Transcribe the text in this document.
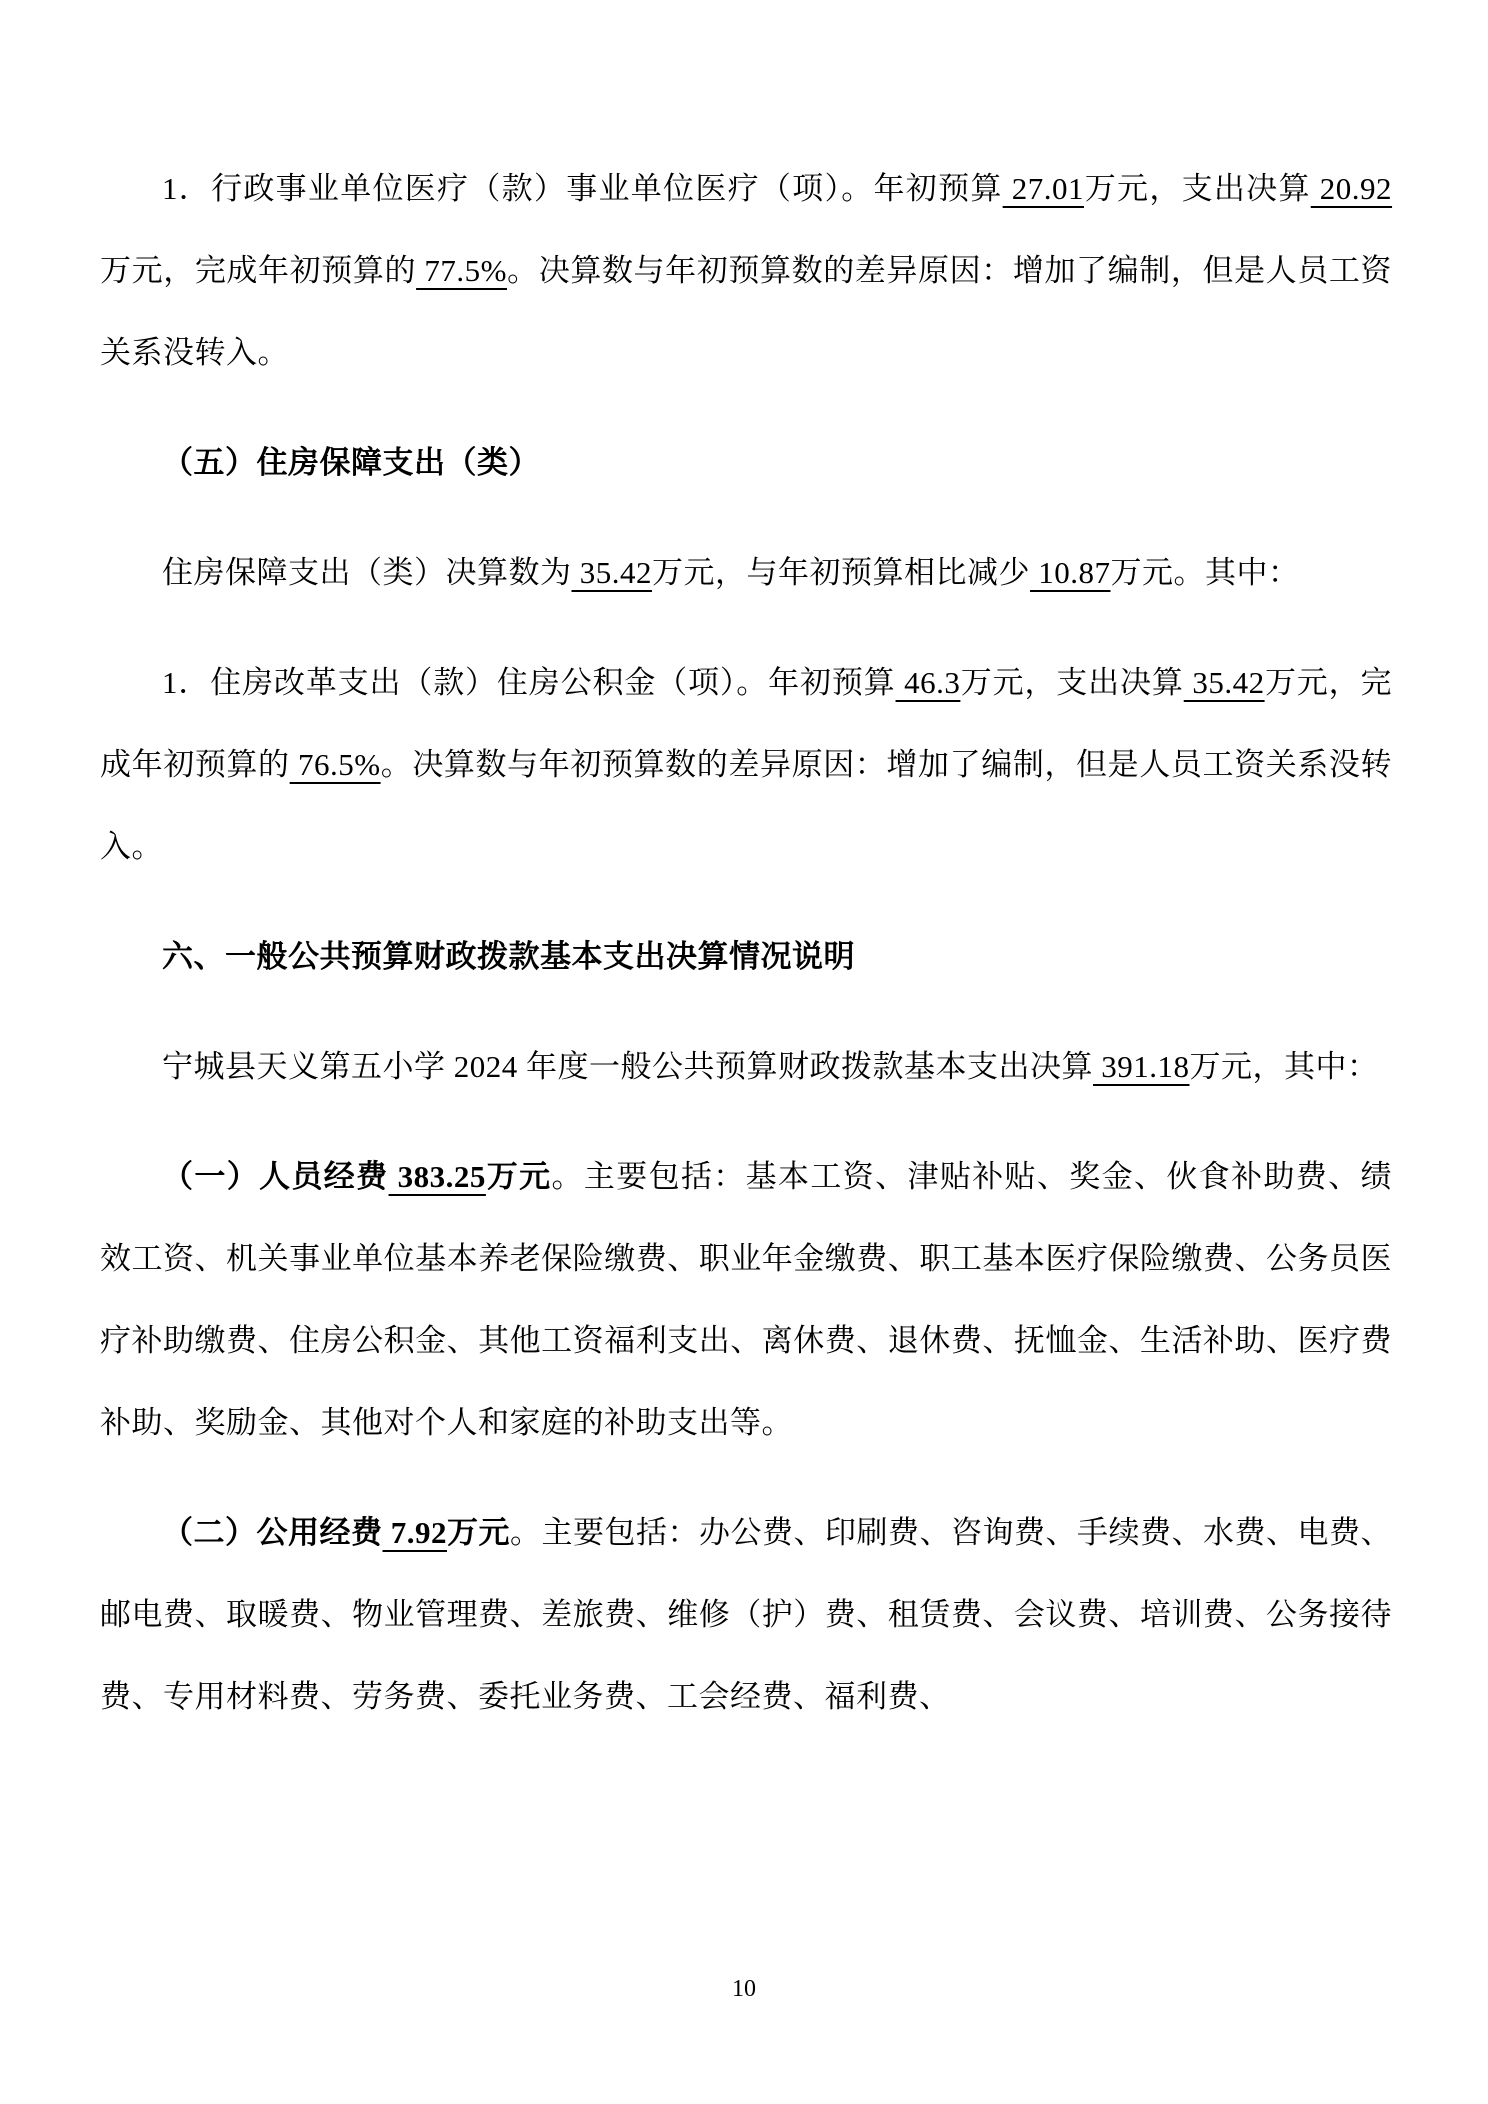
1．行政事业单位医疗（款）事业单位医疗（项）。年初预算 27.01万元，支出决算 20.92万元，完成年初预算的 77.5%。决算数与年初预算数的差异原因：增加了编制，但是人员工资关系没转入。

（五）住房保障支出（类）

住房保障支出（类）决算数为 35.42万元，与年初预算相比减少 10.87万元。其中：

1．住房改革支出（款）住房公积金（项）。年初预算 46.3万元，支出决算 35.42万元，完成年初预算的 76.5%。决算数与年初预算数的差异原因：增加了编制，但是人员工资关系没转入。

六、一般公共预算财政拨款基本支出决算情况说明

宁城县天义第五小学 2024 年度一般公共预算财政拨款基本支出决算 391.18万元，其中：

（一）人员经费 383.25万元。主要包括：基本工资、津贴补贴、奖金、伙食补助费、绩效工资、机关事业单位基本养老保险缴费、职业年金缴费、职工基本医疗保险缴费、公务员医疗补助缴费、住房公积金、其他工资福利支出、离休费、退休费、抚恤金、生活补助、医疗费补助、奖励金、其他对个人和家庭的补助支出等。

（二）公用经费 7.92万元。主要包括：办公费、印刷费、咨询费、手续费、水费、电费、邮电费、取暖费、物业管理费、差旅费、维修（护）费、租赁费、会议费、培训费、公务接待费、专用材料费、劳务费、委托业务费、工会经费、福利费、

10
